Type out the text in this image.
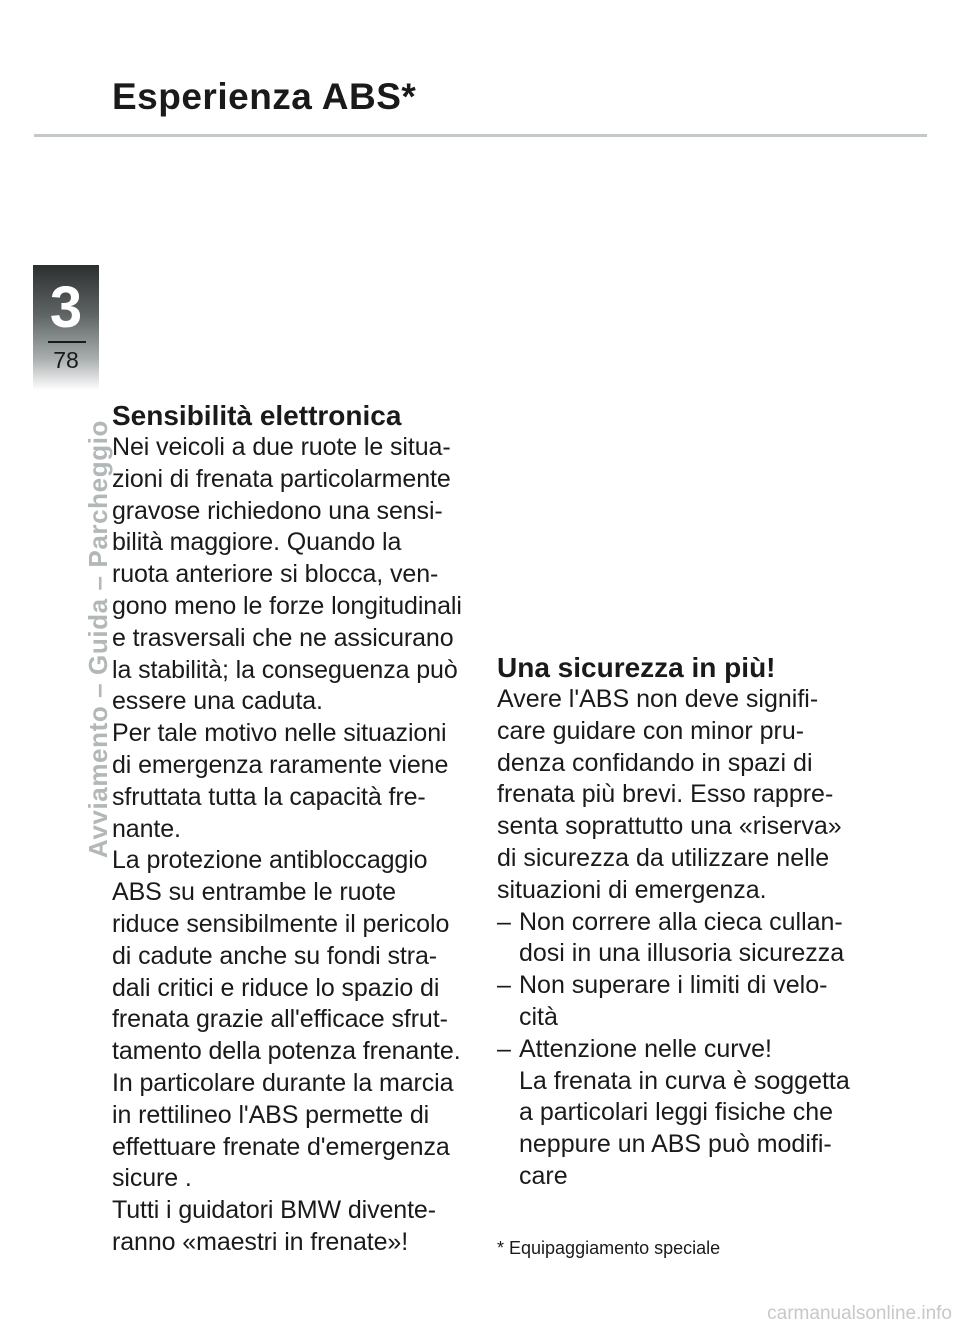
Esperienza ABS*
3
78
Avviamento – Guida – Parcheggio
Sensibilità elettronica

Nei veicoli a due ruote le situa-
zioni di frenata particolarmente
gravose richiedono una sensi-
bilità maggiore. Quando la
ruota anteriore si blocca, ven-
gono meno le forze longitudinali
e trasversali che ne assicurano
la stabilità; la conseguenza può
essere una caduta.

Per tale motivo nelle situazioni
di emergenza raramente viene
sfruttata tutta la capacità fre-
nante.

La protezione antibloccaggio
ABS su entrambe le ruote
riduce sensibilmente il pericolo
di cadute anche su fondi stra-
dali critici e riduce lo spazio di
frenata grazie all'efficace sfrut-
tamento della potenza frenante.

In particolare durante la marcia
in rettilineo l'ABS permette di
effettuare frenate d'emergenza
sicure .

Tutti i guidatori BMW divente-
ranno «maestri in frenate»!

Una sicurezza in più!

Avere l'ABS non deve signifi-
care guidare con minor pru-
denza confidando in spazi di
frenata più brevi. Esso rappre-
senta soprattutto una «riserva»
di sicurezza da utilizzare nelle
situazioni di emergenza.

– Non correre alla cieca cullan-
dosi in una illusoria sicurezza
– Non superare i limiti di velo-
cità
– Attenzione nelle curve!
La frenata in curva è soggetta
a particolari leggi fisiche che
neppure un ABS può modifi-
care
* Equipaggiamento speciale
carmanualsonline.info
